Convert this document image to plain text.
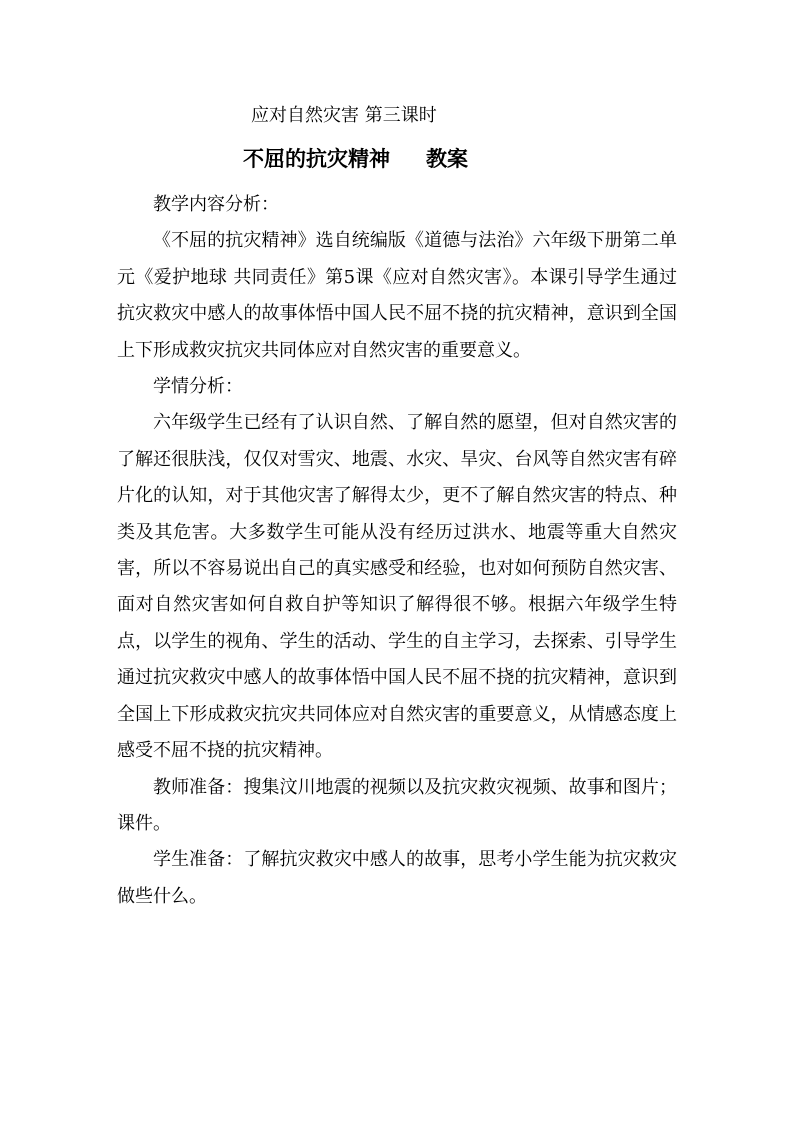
应对自然灾害 第三课时
不屈的抗灾精神 教案

教学内容分析：

《不屈的抗灾精神》选自统编版《道德与法治》六年级下册第二单元《爱护地球 共同责任》第5课《应对自然灾害》。本课引导学生通过抗灾救灾中感人的故事体悟中国人民不屈不挠的抗灾精神，意识到全国上下形成救灾抗灾共同体应对自然灾害的重要意义。

学情分析：

六年级学生已经有了认识自然、了解自然的愿望，但对自然灾害的了解还很肤浅，仅仅对雪灾、地震、水灾、旱灾、台风等自然灾害有碎片化的认知，对于其他灾害了解得太少，更不了解自然灾害的特点、种类及其危害。大多数学生可能从没有经历过洪水、地震等重大自然灾害，所以不容易说出自己的真实感受和经验，也对如何预防自然灾害、面对自然灾害如何自救自护等知识了解得很不够。根据六年级学生特点，以学生的视角、学生的活动、学生的自主学习，去探索、引导学生通过抗灾救灾中感人的故事体悟中国人民不屈不挠的抗灾精神，意识到全国上下形成救灾抗灾共同体应对自然灾害的重要意义，从情感态度上感受不屈不挠的抗灾精神。

教师准备：搜集汶川地震的视频以及抗灾救灾视频、故事和图片；课件。

学生准备：了解抗灾救灾中感人的故事，思考小学生能为抗灾救灾做些什么。
